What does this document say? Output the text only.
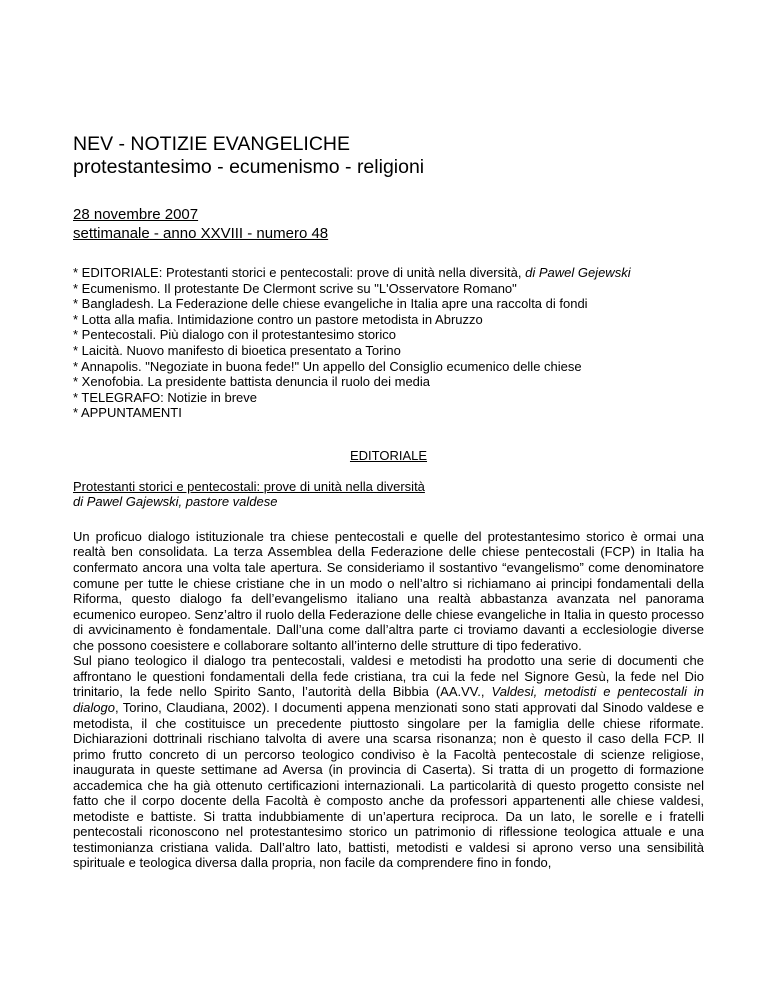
NEV - NOTIZIE EVANGELICHE
protestantesimo - ecumenismo - religioni
28 novembre 2007
settimanale - anno XXVIII - numero 48
* EDITORIALE: Protestanti storici e pentecostali: prove di unità nella diversità, di Pawel Gejewski
* Ecumenismo. Il protestante De Clermont scrive su "L'Osservatore Romano"
* Bangladesh. La Federazione delle chiese evangeliche in Italia apre una raccolta di fondi
* Lotta alla mafia. Intimidazione contro un pastore metodista in Abruzzo
* Pentecostali. Più dialogo con il protestantesimo storico
* Laicità. Nuovo manifesto di bioetica presentato a Torino
* Annapolis. "Negoziate in buona fede!" Un appello del Consiglio ecumenico delle chiese
* Xenofobia. La presidente battista denuncia il ruolo dei media
* TELEGRAFO: Notizie in breve
* APPUNTAMENTI
EDITORIALE
Protestanti storici e pentecostali: prove di unità nella diversità
di Pawel Gajewski, pastore valdese

Un proficuo dialogo istituzionale tra chiese pentecostali e quelle del protestantesimo storico è ormai una realtà ben consolidata. La terza Assemblea della Federazione delle chiese pentecostali (FCP) in Italia ha confermato ancora una volta tale apertura. Se consideriamo il sostantivo “evangelismo” come denominatore comune per tutte le chiese cristiane che in un modo o nell’altro si richiamano ai principi fondamentali della Riforma, questo dialogo fa dell’evangelismo italiano una realtà abbastanza avanzata nel panorama ecumenico europeo. Senz’altro il ruolo della Federazione delle chiese evangeliche in Italia in questo processo di avvicinamento è fondamentale. Dall’una come dall’altra parte ci troviamo davanti a ecclesiologie diverse che possono coesistere e collaborare soltanto all’interno delle strutture di tipo federativo.

Sul piano teologico il dialogo tra pentecostali, valdesi e metodisti ha prodotto una serie di documenti che affrontano le questioni fondamentali della fede cristiana, tra cui la fede nel Signore Gesù, la fede nel Dio trinitario, la fede nello Spirito Santo, l’autorità della Bibbia (AA.VV., Valdesi, metodisti e pentecostali in dialogo, Torino, Claudiana, 2002). I documenti appena menzionati sono stati approvati dal Sinodo valdese e metodista, il che costituisce un precedente piuttosto singolare per la famiglia delle chiese riformate. Dichiarazioni dottrinali rischiano talvolta di avere una scarsa risonanza; non è questo il caso della FCP. Il primo frutto concreto di un percorso teologico condiviso è la Facoltà pentecostale di scienze religiose, inaugurata in queste settimane ad Aversa (in provincia di Caserta). Si tratta di un progetto di formazione accademica che ha già ottenuto certificazioni internazionali. La particolarità di questo progetto consiste nel fatto che il corpo docente della Facoltà è composto anche da professori appartenenti alle chiese valdesi, metodiste e battiste. Si tratta indubbiamente di un’apertura reciproca. Da un lato, le sorelle e i fratelli pentecostali riconoscono nel protestantesimo storico un patrimonio di riflessione teologica attuale e una testimonianza cristiana valida. Dall’altro lato, battisti, metodisti e valdesi si aprono verso una sensibilità spirituale e teologica diversa dalla propria, non facile da comprendere fino in fondo,
